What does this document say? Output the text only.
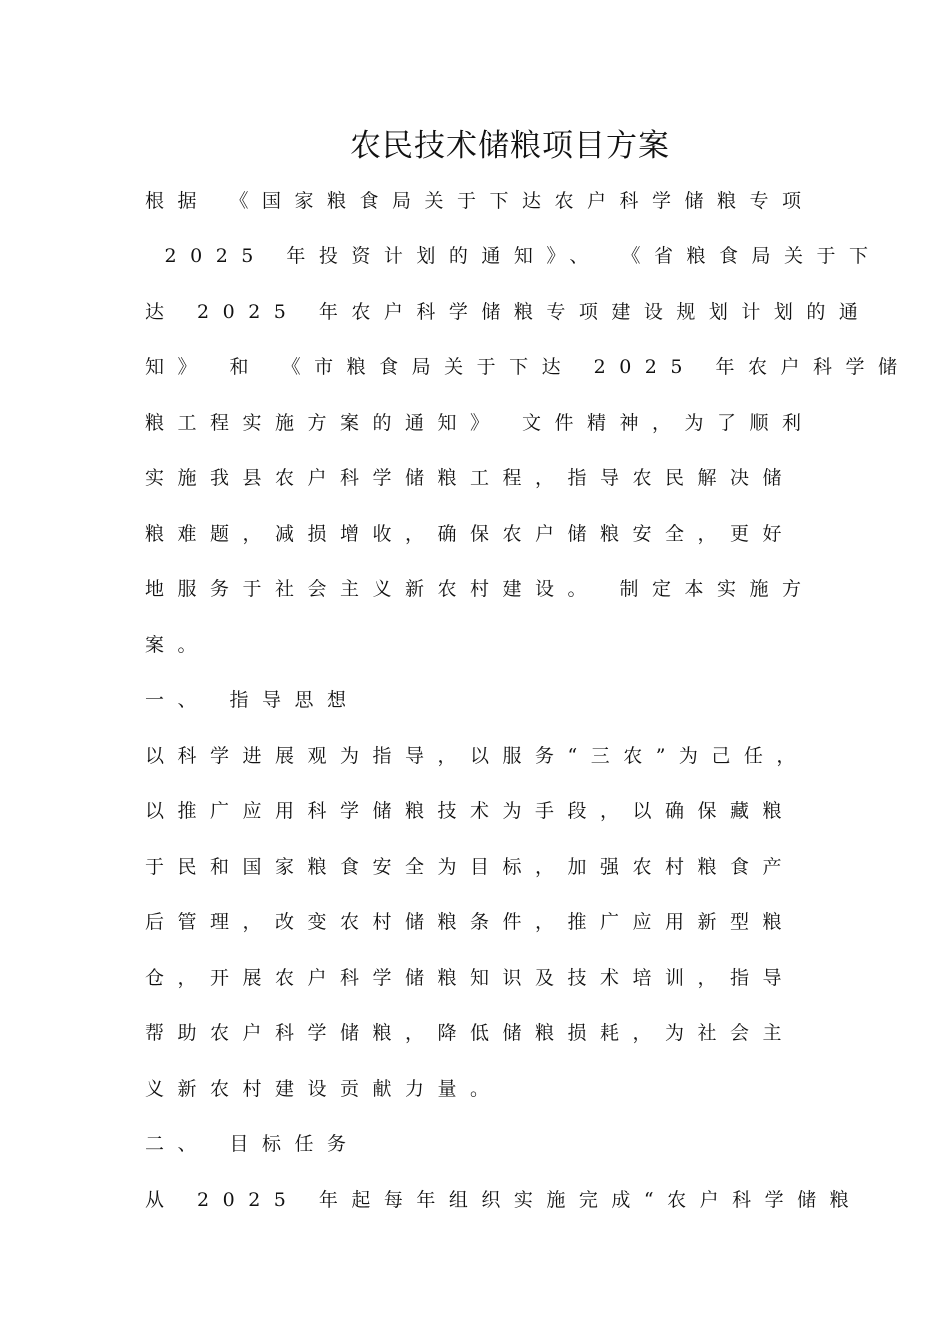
农民技术储粮项目方案
根据 《国家粮食局关于下达农户科学储粮专项
2025 年投资计划的通知》、 《省粮食局关于下
达 2025 年农户科学储粮专项建设规划计划的通
知》 和 《市粮食局关于下达 2025 年农户科学储
粮工程实施方案的通知》 文件精神，为了顺利
实施我县农户科学储粮工程，指导农民解决储
粮难题，减损增收，确保农户储粮安全，更好
地服务于社会主义新农村建设。 制定本实施方
案。
一、 指导思想
以科学进展观为指导，以服务“三农”为己任，
以推广应用科学储粮技术为手段，以确保藏粮
于民和国家粮食安全为目标，加强农村粮食产
后管理，改变农村储粮条件，推广应用新型粮
仓，开展农户科学储粮知识及技术培训，指导
帮助农户科学储粮，降低储粮损耗，为社会主
义新农村建设贡献力量。
二、 目标任务
从 2025 年起每年组织实施完成“农户科学储粮
